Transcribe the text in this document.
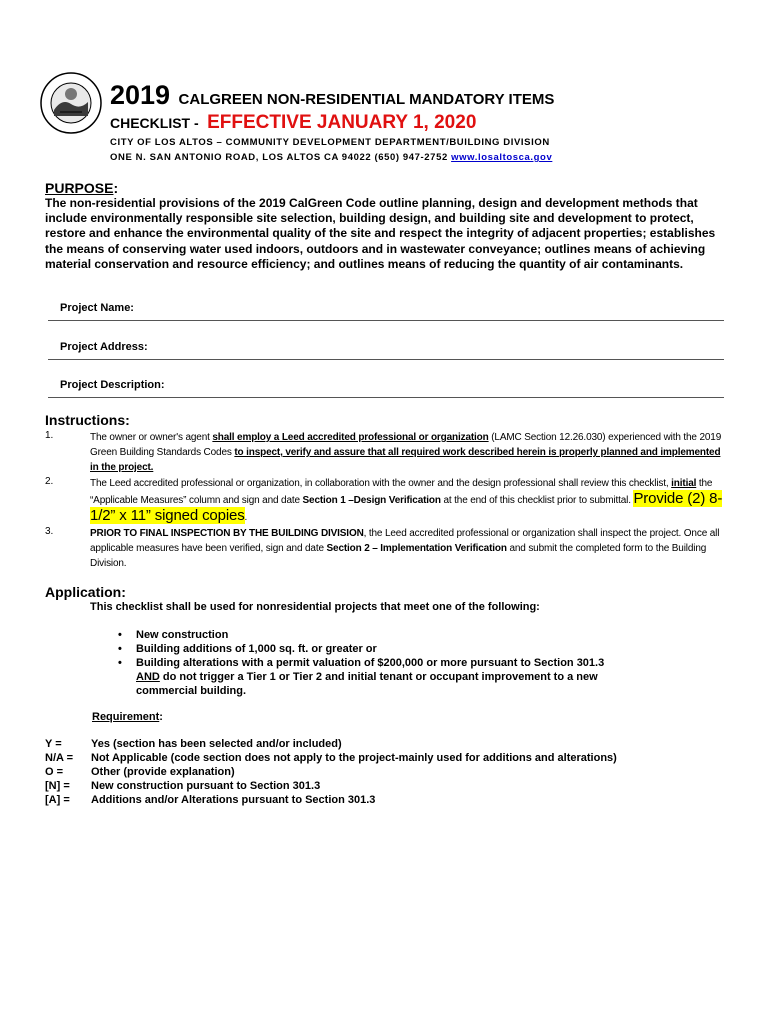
2019 CALGREEN NON-RESIDENTIAL MANDATORY ITEMS
CHECKLIST - EFFECTIVE JANUARY 1, 2020
CITY OF LOS ALTOS – COMMUNITY DEVELOPMENT DEPARTMENT/BUILDING DIVISION
ONE N. SAN ANTONIO ROAD, LOS ALTOS CA 94022 (650) 947-2752 www.losaltosca.gov
PURPOSE:
The non-residential provisions of the 2019 CalGreen Code outline planning, design and development methods that include environmentally responsible site selection, building design, and building site and development to protect, restore and enhance the environmental quality of the site and respect the integrity of adjacent properties; establishes the means of conserving water used indoors, outdoors and in wastewater conveyance; outlines means of achieving material conservation and resource efficiency; and outlines means of reducing the quantity of air contaminants.
Project Name:
Project Address:
Project Description:
Instructions:
1.	The owner or owner's agent shall employ a Leed accredited professional or organization (LAMC Section 12.26.030) experienced with the 2019 Green Building Standards Codes to inspect, verify and assure that all required work described herein is properly planned and implemented in the project.
2.	The Leed accredited professional or organization, in collaboration with the owner and the design professional shall review this checklist, initial the “Applicable Measures” column and sign and date Section 1 –Design Verification at the end of this checklist prior to submittal. Provide (2) 8-1/2” x 11” signed copies.
3.	PRIOR TO FINAL INSPECTION BY THE BUILDING DIVISION, the Leed accredited professional or organization shall inspect the project. Once all applicable measures have been verified, sign and date Section 2 – Implementation Verification and submit the completed form to the Building Division.
Application:
This checklist shall be used for nonresidential projects that meet one of the following:
•	New construction
•	Building additions of 1,000 sq. ft. or greater or
•	Building alterations with a permit valuation of $200,000 or more pursuant to Section 301.3
AND do not trigger a Tier 1 or Tier 2 and initial tenant or occupant improvement to a new commercial building.
Requirement:
Y =	Yes (section has been selected and/or included)
N/A =	Not Applicable (code section does not apply to the project-mainly used for additions and alterations)
O =	Other (provide explanation)
[N] =	New construction pursuant to Section 301.3
[A] =	Additions and/or Alterations pursuant to Section 301.3
